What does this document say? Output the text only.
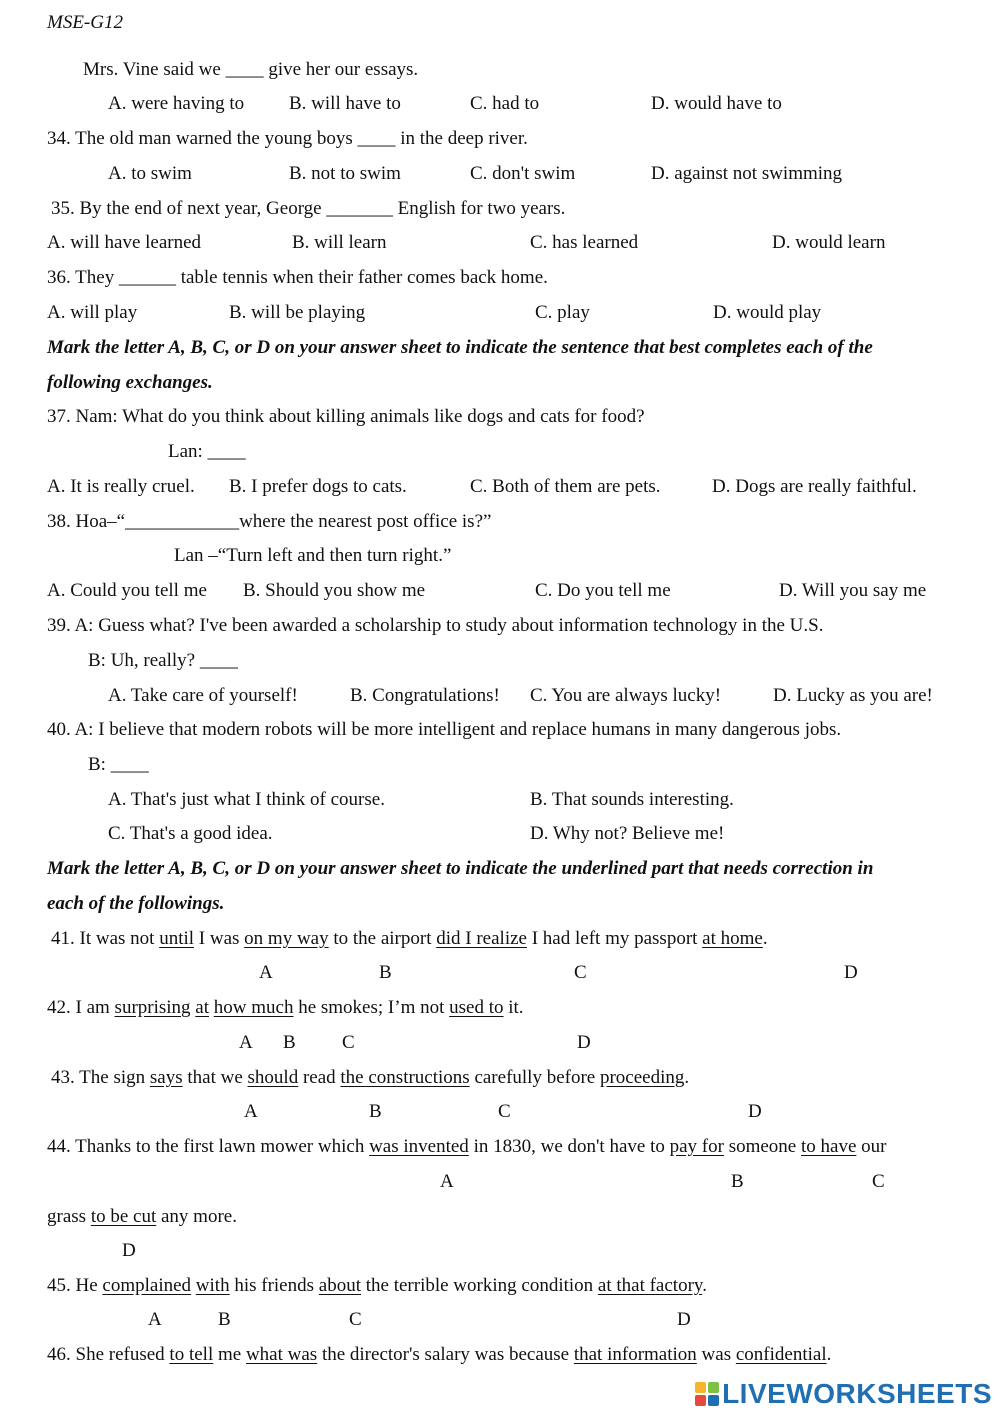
MSE-G12
Mrs. Vine said we ____ give her our essays.
A. were having to B. will have to	C. had to	D. would have to
34. The old man warned the young boys ____ in the deep river.
A. to swim	B. not to swim	C. don't swim	D. against not swimming
35. By the end of next year, George _______ English for two years.
A. will have learned	B. will learn	C. has learned	D. would learn
36. They ______ table tennis when their father comes back home.
A. will play	B. will be playing	C. play	D. would play
Mark the letter A, B, C, or D on your answer sheet to indicate the sentence that best completes each of the
following exchanges.
37. Nam: What do you think about killing animals like dogs and cats for food?
Lan: ____
A. It is really cruel. B. I prefer dogs to cats.	C. Both of them are pets.	D. Dogs are really faithful.
38. Hoa–“____________where the nearest post office is?”
Lan –“Turn left and then turn right.”
A. Could you tell me B. Should you show me	C. Do you tell me	D. Will you say me
39. A: Guess what? I've been awarded a scholarship to study about information technology in the U.S.
B: Uh, really? ____
A. Take care of yourself!	B. Congratulations! C. You are always lucky!	D. Lucky as you are!
40. A: I believe that modern robots will be more intelligent and replace humans in many dangerous jobs.
B: ____
A. That's just what I think of course.	B. That sounds interesting.
C. That's a good idea.	D. Why not? Believe me!
Mark the letter A, B, C, or D on your answer sheet to indicate the underlined part that needs correction in
each of the followings.
41. It was not until I was on my way to the airport did I realize I had left my passport at home.
A	B	C	D
42. I am surprising at how much he smokes; I’m not used to it.
A B C	D
43. The sign says that we should read the constructions carefully before proceeding.
A	B	C	D
44. Thanks to the first lawn mower which was invented in 1830, we don't have to pay for someone to have our
A	B	C
grass to be cut any more.
D
45. He complained with his friends about the terrible working condition at that factory.
A	B	C	D
46. She refused to tell me what was the director's salary was because that information was confidential.
LIVEWORKSHEETS
